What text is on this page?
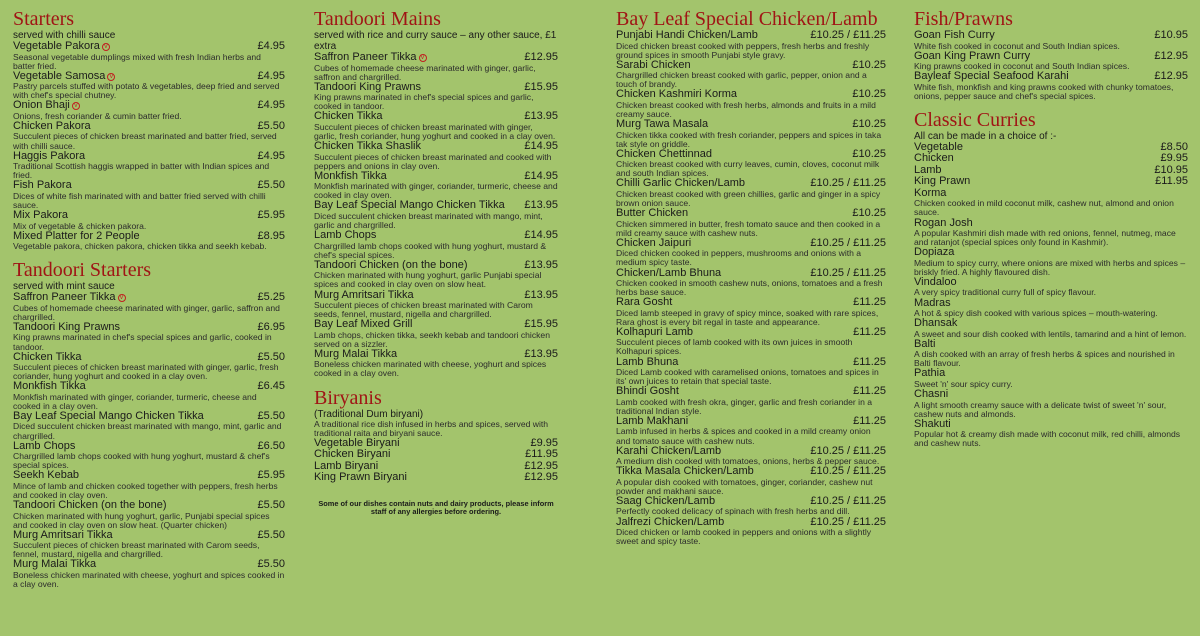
Starters
served with chilli sauce
Vegetable Pakora V	£4.95
Seasonal vegetable dumplings mixed with fresh Indian herbs and batter fried.
Vegetable Samosa V	£4.95
Pastry parcels stuffed with potato & vegetables, deep fried and served with chef's special chutney.
Onion Bhaji V	£4.95
Onions, fresh coriander & cumin batter fried.
Chicken Pakora	£5.50
Succulent pieces of chicken breast marinated and batter fried, served with chilli sauce.
Haggis Pakora	£4.95
Traditional Scottish haggis wrapped in batter with Indian spices and fried.
Fish Pakora	£5.50
Dices of white fish marinated with and batter fried served with chilli sauce.
Mix Pakora	£5.95
Mix of vegetable & chicken pakora.
Mixed Platter for 2 People	£8.95
Vegetable pakora, chicken pakora, chicken tikka and seekh kebab.
Tandoori Starters
served with mint sauce
Saffron Paneer Tikka V	£5.25
Cubes of homemade cheese marinated with ginger, garlic, saffron and chargrilled.
Tandoori King Prawns	£6.95
King prawns marinated in chef's special spices and garlic, cooked in tandoor.
Chicken Tikka	£5.50
Succulent pieces of chicken breast marinated with ginger, garlic, fresh coriander, hung yoghurt and cooked in a clay oven.
Monkfish Tikka	£6.45
Monkfish marinated with ginger, coriander, turmeric, cheese and cooked in a clay oven.
Bay Leaf Special Mango Chicken Tikka	£5.50
Diced succulent chicken breast marinated with mango, mint, garlic and chargrilled.
Lamb Chops	£6.50
Chargrilled lamb chops cooked with hung yoghurt, mustard & chef's special spices.
Seekh Kebab	£5.95
Mince of lamb and chicken cooked together with peppers, fresh herbs and cooked in clay oven.
Tandoori Chicken (on the bone)	£5.50
Chicken marinated with hung yoghurt, garlic, Punjabi special spices and cooked in clay oven on slow heat. (Quarter chicken)
Murg Amritsari Tikka	£5.50
Succulent pieces of chicken breast marinated with Carom seeds, fennel, mustard, nigella and chargrilled.
Murg Malai Tikka	£5.50
Boneless chicken marinated with cheese, yoghurt and spices cooked in a clay oven.
Tandoori Mains
served with rice and curry sauce – any other sauce, £1 extra
Saffron Paneer Tikka V	£12.95
Cubes of homemade cheese marinated with ginger, garlic, saffron and chargrilled.
Tandoori King Prawns	£15.95
King prawns marinated in chef's special spices and garlic, cooked in tandoor.
Chicken Tikka	£13.95
Succulent pieces of chicken breast marinated with ginger, garlic, fresh coriander, hung yoghurt and cooked in a clay oven.
Chicken Tikka Shaslik	£14.95
Succulent pieces of chicken breast marinated and cooked with peppers and onions in clay oven.
Monkfish Tikka	£14.95
Monkfish marinated with ginger, coriander, turmeric, cheese and cooked in clay oven.
Bay Leaf Special Mango Chicken Tikka £13.95
Diced succulent chicken breast marinated with mango, mint, garlic and chargrilled.
Lamb Chops	£14.95
Chargrilled lamb chops cooked with hung yoghurt, mustard & chef's special spices.
Tandoori Chicken (on the bone)	£13.95
Chicken marinated with hung yoghurt, garlic Punjabi special spices and cooked in clay oven on slow heat.
Murg Amritsari Tikka	£13.95
Succulent pieces of chicken breast marinated with Carom seeds, fennel, mustard, nigella and chargrilled.
Bay Leaf Mixed Grill	£15.95
Lamb chops, chicken tikka, seekh kebab and tandoori chicken served on a sizzler.
Murg Malai Tikka	£13.95
Boneless chicken marinated with cheese, yoghurt and spices cooked in a clay oven.
Biryanis
(Traditional Dum biryani)
A traditional rice dish infused in herbs and spices, served with traditional raita and biryani sauce.
Vegetable Biryani	£9.95
Chicken Biryani	£11.95
Lamb Biryani	£12.95
King Prawn Biryani	£12.95
Some of our dishes contain nuts and dairy products, please inform staff of any allergies before ordering.
Bay Leaf Special Chicken/Lamb
Punjabi Handi Chicken/Lamb	£10.25 / £11.25
Diced chicken breast cooked with peppers, fresh herbs and freshly ground spices in smooth Punjabi style gravy.
Sarabi Chicken	£10.25
Chargrilled chicken breast cooked with garlic, pepper, onion and a touch of brandy.
Chicken Kashmiri Korma	£10.25
Chicken breast cooked with fresh herbs, almonds and fruits in a mild creamy sauce.
Murg Tawa Masala	£10.25
Chicken tikka cooked with fresh coriander, peppers and spices in taka tak style on griddle.
Chicken Chettinnad	£10.25
Chicken breast cooked with curry leaves, cumin, cloves, coconut milk and south Indian spices.
Chilli Garlic Chicken/Lamb	£10.25 / £11.25
Chicken breast cooked with green chillies, garlic and ginger in a spicy brown onion sauce.
Butter Chicken	£10.25
Chicken simmered in butter, fresh tomato sauce and then cooked in a mild creamy sauce with cashew nuts.
Chicken Jaipuri	£10.25 / £11.25
Diced chicken cooked in peppers, mushrooms and onions with a medium spicy taste.
Chicken/Lamb Bhuna	£10.25 / £11.25
Chicken cooked in smooth cashew nuts, onions, tomatoes and a fresh herbs base sauce.
Rara Gosht	£11.25
Diced lamb steeped in gravy of spicy mince, soaked with rare spices, Rara ghost is every bit regal in taste and appearance.
Kolhapuri Lamb	£11.25
Succulent pieces of lamb cooked with its own juices in smooth Kolhapuri spices.
Lamb Bhuna	£11.25
Diced Lamb cooked with caramelised onions, tomatoes and spices in its' own juices to retain that special taste.
Bhindi Gosht	£11.25
Lamb cooked with fresh okra, ginger, garlic and fresh coriander in a traditional Indian style.
Lamb Makhani	£11.25
Lamb infused in herbs & spices and cooked in a mild creamy onion and tomato sauce with cashew nuts.
Karahi Chicken/Lamb	£10.25 / £11.25
A medium dish cooked with tomatoes, onions, herbs & pepper sauce.
Tikka Masala Chicken/Lamb	£10.25 / £11.25
A popular dish cooked with tomatoes, ginger, coriander, cashew nut powder and makhani sauce.
Saag Chicken/Lamb	£10.25 / £11.25
Perfectly cooked delicacy of spinach with fresh herbs and dill.
Jalfrezi Chicken/Lamb	£10.25 / £11.25
Diced chicken or lamb cooked in peppers and onions with a slightly sweet and spicy taste.
Fish/Prawns
Goan Fish Curry	£10.95
White fish cooked in coconut and South Indian spices.
Goan King Prawn Curry	£12.95
King prawns cooked in coconut and South Indian spices.
Bayleaf Special Seafood Karahi	£12.95
White fish, monkfish and king prawns cooked with chunky tomatoes, onions, pepper sauce and chef's special spices.
Classic Curries
All can be made in a choice of :-
Vegetable	£8.50
Chicken	£9.95
Lamb	£10.95
King Prawn	£11.95
Korma
Chicken cooked in mild coconut milk, cashew nut, almond and onion sauce.
Rogan Josh
A popular Kashmiri dish made with red onions, fennel, nutmeg, mace and ratanjot (special spices only found in Kashmir).
Dopiaza
Medium to spicy curry, where onions are mixed with herbs and spices – briskly fried. A highly flavoured dish.
Vindaloo
A very spicy traditional curry full of spicy flavour.
Madras
A hot & spicy dish cooked with various spices – mouth-watering.
Dhansak
A sweet and sour dish cooked with lentils, tamarind and a hint of lemon.
Balti
A dish cooked with an array of fresh herbs & spices and nourished in Balti flavour.
Pathia
Sweet 'n' sour spicy curry.
Chasni
A light smooth creamy sauce with a delicate twist of sweet 'n' sour, cashew nuts and almonds.
Shakuti
Popular hot & creamy dish made with coconut milk, red chilli, almonds and cashew nuts.
